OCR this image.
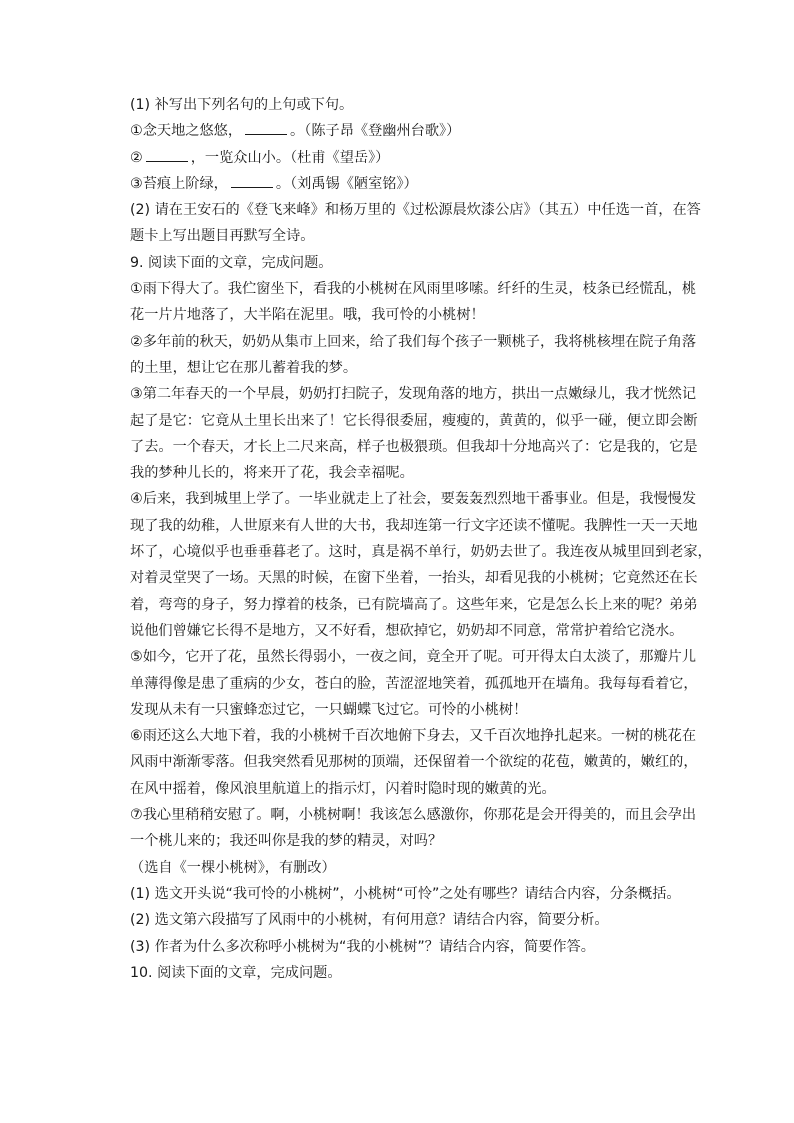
(1) 补写出下列名句的上句或下句。
①念天地之悠悠，	。（陈子昂《登幽州台歌》）
②	，一览众山小。（杜甫《望岳》）
③苔痕上阶绿，	。（刘禹锡《陋室铭》）
(2) 请在王安石的《登飞来峰》和杨万里的《过松源晨炊漆公店》（其五）中任选一首，在答
题卡上写出题目再默写全诗。
9. 阅读下面的文章，完成问题。
①雨下得大了。我伫窗坐下，看我的小桃树在风雨里哆嗦。纤纤的生灵，枝条已经慌乱，桃
花一片片地落了，大半陷在泥里。哦，我可怜的小桃树！
②多年前的秋天，奶奶从集市上回来，给了我们每个孩子一颗桃子，我将桃核埋在院子角落
的土里，想让它在那儿蓄着我的梦。
③第二年春天的一个早晨，奶奶打扫院子，发现角落的地方，拱出一点嫩绿儿，我才恍然记
起了是它：它竟从土里长出来了！它长得很委屈，瘦瘦的，黄黄的，似乎一碰，便立即会断
了去。一个春天，才长上二尺来高，样子也极猥琐。但我却十分地高兴了：它是我的，它是
我的梦种儿长的，将来开了花，我会幸福呢。
④后来，我到城里上学了。一毕业就走上了社会，要轰轰烈烈地干番事业。但是，我慢慢发
现了我的幼稚，人世原来有人世的大书，我却连第一行文字还读不懂呢。我脾性一天一天地
坏了，心境似乎也垂垂暮老了。这时，真是祸不单行，奶奶去世了。我连夜从城里回到老家，
对着灵堂哭了一场。天黑的时候，在窗下坐着，一抬头，却看见我的小桃树；它竟然还在长
着，弯弯的身子，努力撑着的枝条，已有院墙高了。这些年来，它是怎么长上来的呢？弟弟
说他们曾嫌它长得不是地方，又不好看，想砍掉它，奶奶却不同意，常常护着给它浇水。
⑤如今，它开了花，虽然长得弱小，一夜之间，竟全开了呢。可开得太白太淡了，那瓣片儿
单薄得像是患了重病的少女，苍白的脸，苦涩涩地笑着，孤孤地开在墙角。我每每看着它，
发现从未有一只蜜蜂恋过它，一只蝴蝶飞过它。可怜的小桃树！
⑥雨还这么大地下着，我的小桃树千百次地俯下身去，又千百次地挣扎起来。一树的桃花在
风雨中渐渐零落。但我突然看见那树的顶端，还保留着一个欲绽的花苞，嫩黄的，嫩红的，
在风中摇着，像风浪里航道上的指示灯，闪着时隐时现的嫩黄的光。
⑦我心里稍稍安慰了。啊，小桃树啊！我该怎么感激你，你那花是会开得美的，而且会孕出
一个桃儿来的；我还叫你是我的梦的精灵，对吗？
（选自《一棵小桃树》，有删改）
(1) 选文开头说“我可怜的小桃树”，小桃树“可怜”之处有哪些？请结合内容，分条概括。
(2) 选文第六段描写了风雨中的小桃树，有何用意？请结合内容，简要分析。
(3) 作者为什么多次称呼小桃树为“我的小桃树”？请结合内容，简要作答。
10. 阅读下面的文章，完成问题。
